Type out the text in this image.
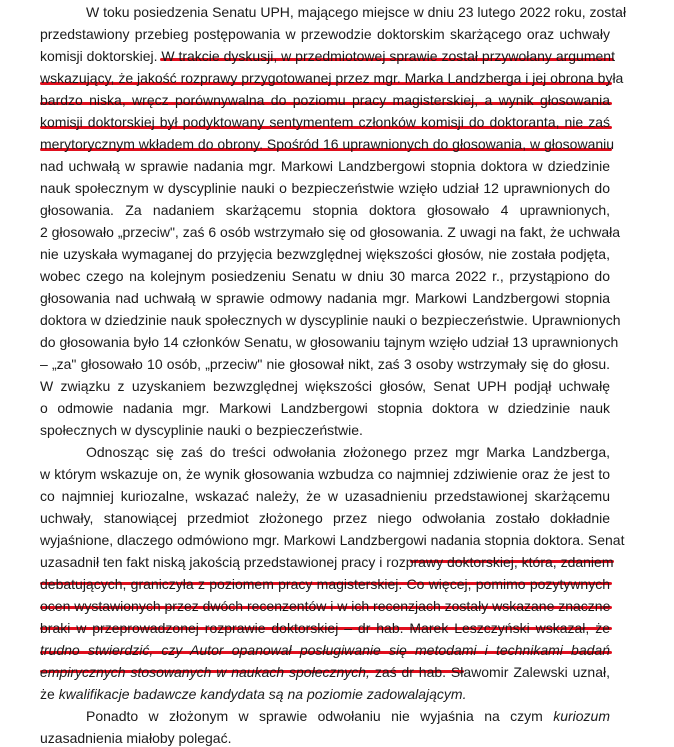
W toku posiedzenia Senatu UPH, mającego miejsce w dniu 23 lutego 2022 roku, został
przedstawiony przebieg postępowania w przewodzie doktorskim skarżącego oraz uchwały
komisji doktorskiej. W trakcie dyskusji, w przedmiotowej sprawie został przywołany argument
wskazujący, że jakość rozprawy przygotowanej przez mgr. Marka Landzberga i jej obrona była
bardzo niska, wręcz porównywalna do poziomu pracy magisterskiej, a wynik głosowania
komisji doktorskiej był podyktowany sentymentem członków komisji do doktoranta, nie zaś
merytorycznym wkładem do obrony. Spośród 16 uprawnionych do głosowania, w głosowaniu
nad uchwałą w sprawie nadania mgr. Markowi Landzbergowi stopnia doktora w dziedzinie
nauk społecznym w dyscyplinie nauki o bezpieczeństwie wzięło udział 12 uprawnionych do
głosowania. Za nadaniem skarżącemu stopnia doktora głosowało 4 uprawnionych,
2 głosowało „przeciw", zaś 6 osób wstrzymało się od głosowania. Z uwagi na fakt, że uchwała
nie uzyskała wymaganej do przyjęcia bezwzględnej większości głosów, nie została podjęta,
wobec czego na kolejnym posiedzeniu Senatu w dniu 30 marca 2022 r., przystąpiono do
głosowania nad uchwałą w sprawie odmowy nadania mgr. Markowi Landzbergowi stopnia
doktora w dziedzinie nauk społecznych w dyscyplinie nauki o bezpieczeństwie. Uprawnionych
do głosowania było 14 członków Senatu, w głosowaniu tajnym wzięło udział 13 uprawnionych
– „za" głosowało 10 osób, „przeciw" nie głosował nikt, zaś 3 osoby wstrzymały się do głosu.
W związku z uzyskaniem bezwzględnej większości głosów, Senat UPH podjął uchwałę
o odmowie nadania mgr. Markowi Landzbergowi stopnia doktora w dziedzinie nauk
społecznych w dyscyplinie nauki o bezpieczeństwie.
Odnosząc się zaś do treści odwołania złożonego przez mgr Marka Landzberga,
w którym wskazuje on, że wynik głosowania wzbudza co najmniej zdziwienie oraz że jest to
co najmniej kuriozalne, wskazać należy, że w uzasadnieniu przedstawionej skarżącemu
uchwały, stanowiącej przedmiot złożonego przez niego odwołania zostało dokładnie
wyjaśnione, dlaczego odmówiono mgr. Markowi Landzbergowi nadania stopnia doktora. Senat
uzasadnił ten fakt niską jakością przedstawionej pracy i rozprawy doktorskiej, która, zdaniem
debatujących, graniczyła z poziomem pracy magisterskiej. Co więcej, pomimo pozytywnych
ocen wystawionych przez dwóch recenzentów i w ich recenzjach zostały wskazane znaczne
braki w przeprowadzonej rozprawie doktorskiej – dr hab. Marek Leszczyński wskazał, że
trudno stwierdzić, czy Autor opanował posługiwanie się metodami i technikami badań
empirycznych stosowanych w naukach społecznych, zaś dr hab. Sławomir Zalewski uznał,
że kwalifikacje badawcze kandydata są na poziomie zadowalającym.
Ponadto w złożonym w sprawie odwołaniu nie wyjaśnia na czym kuriozum
uzasadnienia miałoby polegać.
